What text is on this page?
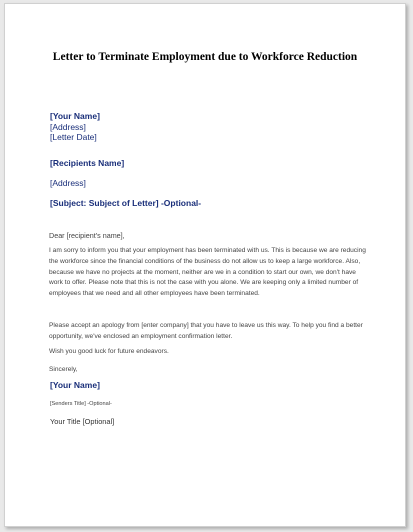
Letter to Terminate Employment due to Workforce Reduction
[Your Name]
[Address]
[Letter Date]
[Recipients Name]
[Address]
[Subject: Subject of Letter] -Optional-
Dear [recipient's name],
I am sorry to inform you that your employment has been terminated with us. This is because we are reducing the workforce since the financial conditions of the business do not allow us to keep a large workforce. Also, because we have no projects at the moment, neither are we in a condition to start our own, we don't have work to offer. Please note that this is not the case with you alone. We are keeping only a limited number of employees that we need and all other employees have been terminated.
Please accept an apology from [enter company] that you have to leave us this way. To help you find a better opportunity, we've enclosed an employment confirmation letter.
Wish you good luck for future endeavors.
Sincerely,
[Your Name]
[Senders Title] -Optional-
Your Title [Optional]
